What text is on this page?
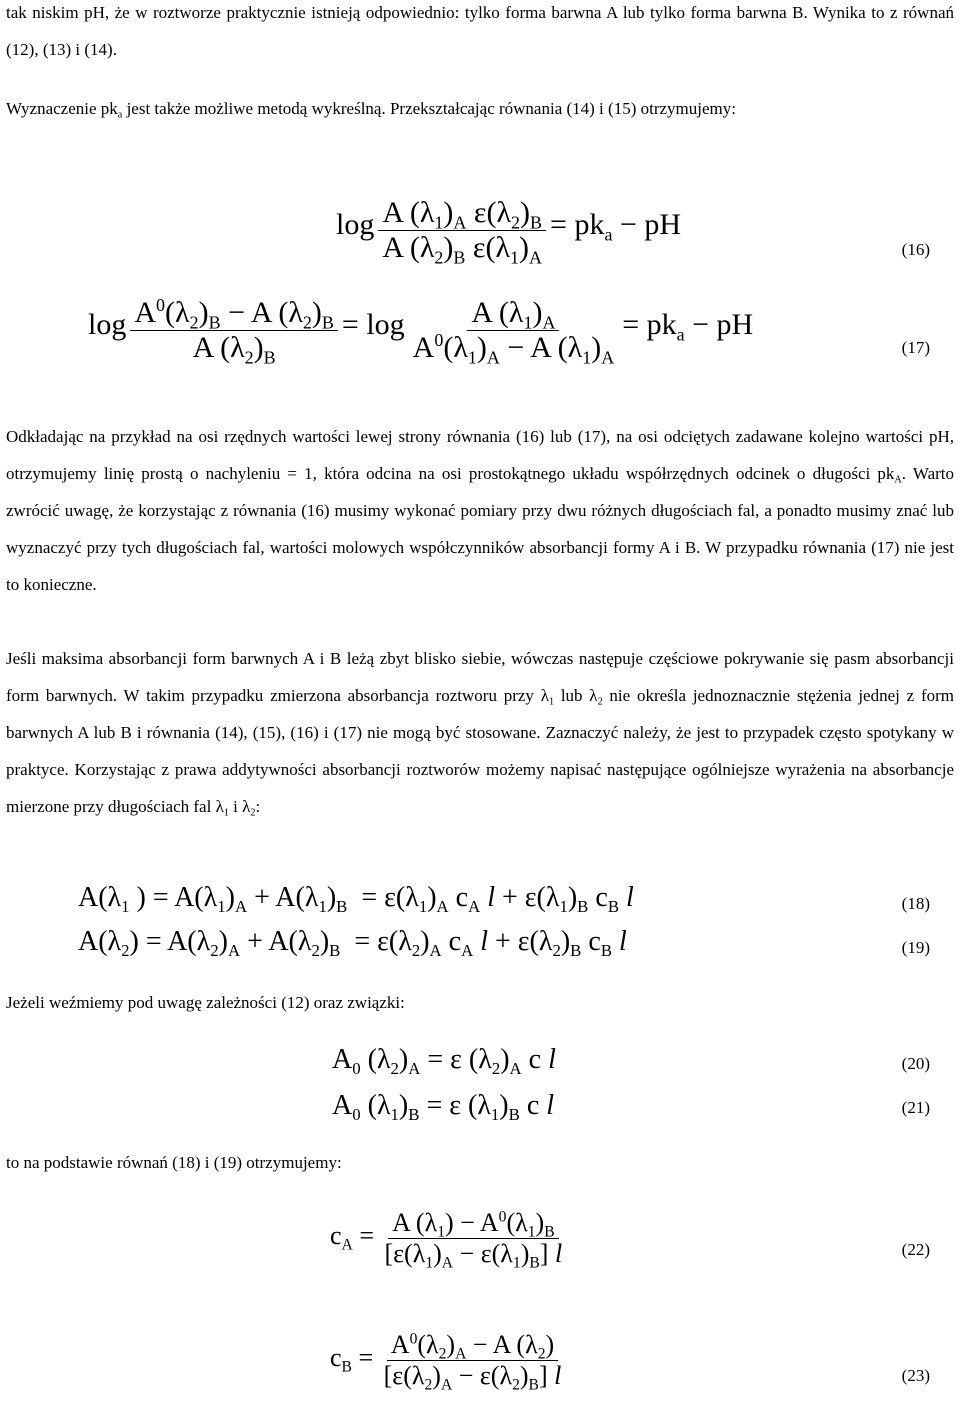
tak niskim pH, że w roztworze praktycznie istnieją odpowiednio: tylko forma barwna A lub tylko forma barwna B. Wynika to z równań (12), (13) i (14).

Wyznaczenie $pk_a$ jest także możliwe metodą wykreślną. Przekształcając równania (14) i (15) otrzymujemy:

$\log \frac{A (\lambda_1)_A \varepsilon(\lambda_2)_B}{A (\lambda_2)_B \varepsilon(\lambda_1)_A} = pk_a$ − pH
(16)
$\log \frac{A^0(\lambda_2)_B - A (\lambda_2)_B}{A (\lambda_2)_B} = \log \frac{A (\lambda_1)_A}{A^0(\lambda_1)_A - A (\lambda_1)_A} = pk_a$ − pH
(17)

Odkładając na przykład na osi rzędnych wartości lewej strony równania (16) lub (17), na osi odciętych zadawane kolejno wartości pH, otrzymujemy linię prostą o nachyleniu = 1, która odcina na osi prostokątnego układu współrzędnych odcinek o długości $pk_A$. Warto zwrócić uwagę, że korzystając z równania (16) musimy wykonać pomiary przy dwu różnych długościach fal, a ponadto musimy znać lub wyznaczyć przy tych długościach fal, wartości molowych współczynników absorbancji formy A i B. W przypadku równania (17) nie jest to konieczne.

Jeśli maksima absorbancji form barwnych A i B leżą zbyt blisko siebie, wówczas następuje częściowe pokrywanie się pasm absorbancji form barwnych. W takim przypadku zmierzona absorbancja roztworu przy $\lambda_1$ lub $\lambda_2$ nie określa jednoznacznie stężenia jednej z form barwnych A lub B i równania (14), (15), (16) i (17) nie mogą być stosowane. Zaznaczyć należy, że jest to przypadek często spotykany w praktyce. Korzystając z prawa addytywności absorbancji roztworów możemy napisać następujące ogólniejsze wyrażenia na absorbancje mierzone przy długościach fal $\lambda_1$ i $\lambda_2$:

$A(\lambda_1$ ) = $A(\lambda_1)_A + A(\lambda_1)_B = \varepsilon(\lambda_1)_A$ $c_A$ $l + \varepsilon(\lambda_1)_B$ $c_B$ l	(18)
$A(\lambda_2) = A(\lambda_2)_A + A(\lambda_2)_B = \varepsilon(\lambda_2)_A$ $c_A$ $l + \varepsilon(\lambda_2)_B$ $c_B$ l	(19)

Jeżeli weźmiemy pod uwagę zależności (12) oraz związki:

$A_0$ $(\lambda_2)_A = \varepsilon$ $(\lambda_2)_A$ c l	(20)
$A_0$ $(\lambda_1)_B = \varepsilon$ $(\lambda_1)_B$ c l	(21)

to na podstawie równań (18) i (19) otrzymujemy:

$c_A = \frac{A (\lambda_1) - A^0(\lambda_1)_B}{[\varepsilon(\lambda_1)_A - \varepsilon(\lambda_1)_B] l}$	(22)
$c_B = \frac{A^0(\lambda_2)_A - A (\lambda_2)}{[\varepsilon(\lambda_2)_A - \varepsilon(\lambda_2)_B] l}$	(23)
